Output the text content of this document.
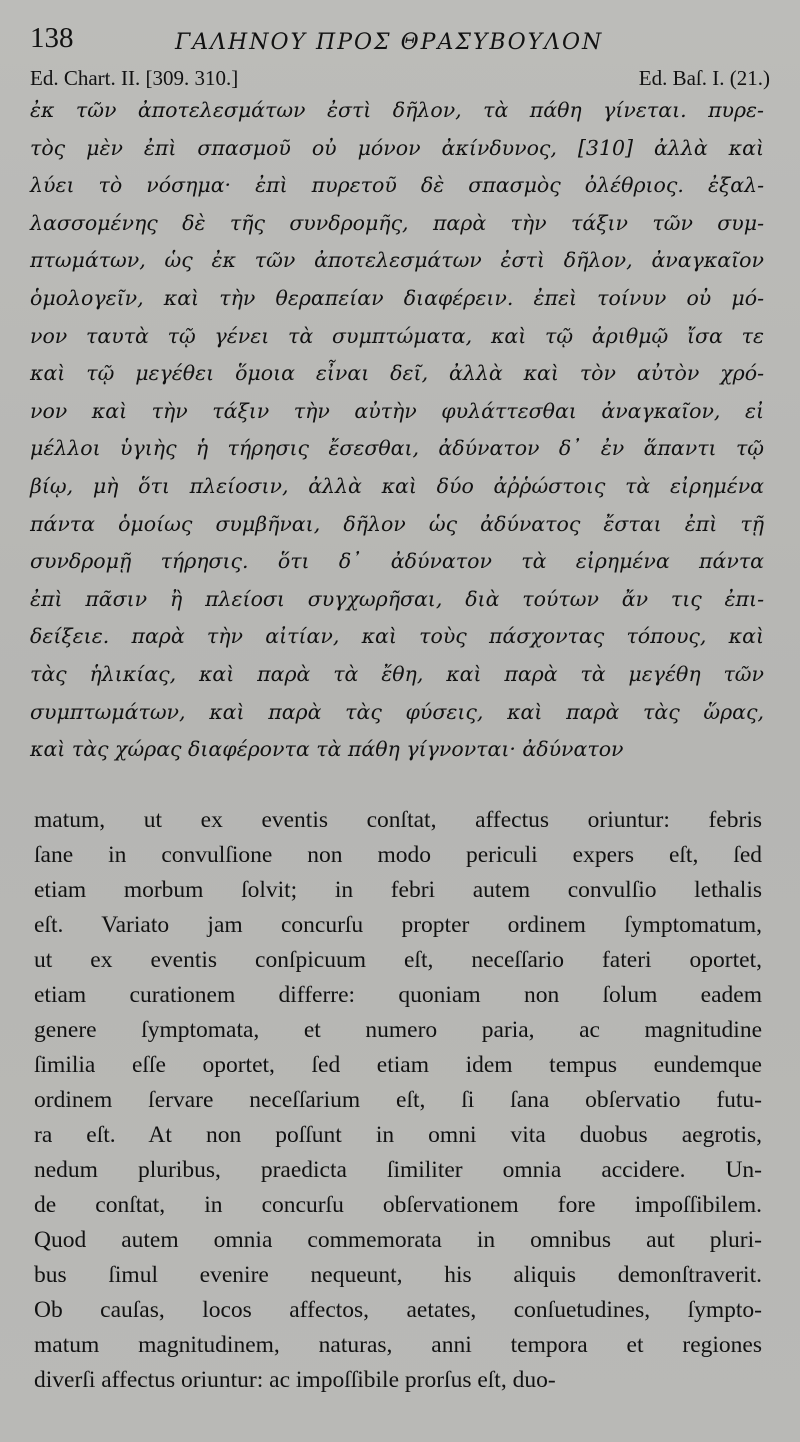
138	ΓΑΛΗΝΟΥ ΠΡΟΣ ΘΡΑΣΥΒΟΥΛΟΝ
Ed. Chart. II. [309. 310.]	Ed. Baſ. I. (21.)
ἐκ τῶν ἀποτελεσμάτων ἐστὶ δῆλον, τὰ πάθη γίνεται. πυρε-
τὸς μὲν ἐπὶ σπασμοῦ οὐ μόνον ἀκίνδυνος, [310] ἀλλὰ καὶ
λύει τὸ νόσημα· ἐπὶ πυρετοῦ δὲ σπασμὸς ὀλέθριος. ἐξαλ-
λασσομένης δὲ τῆς συνδρομῆς, παρὰ τὴν τάξιν τῶν συμ-
πτωμάτων, ὡς ἐκ τῶν ἀποτελεσμάτων ἐστὶ δῆλον, ἀναγκαῖον
ὁμολογεῖν, καὶ τὴν θεραπείαν διαφέρειν. ἐπεὶ τοίνυν οὐ μό-
νον ταυτὰ τῷ γένει τὰ συμπτώματα, καὶ τῷ ἀριθμῷ ἴσα τε
καὶ τῷ μεγέθει ὅμοια εἶναι δεῖ, ἀλλὰ καὶ τὸν αὐτὸν χρό-
νον καὶ τὴν τάξιν τὴν αὐτὴν φυλάττεσθαι ἀναγκαῖον, εἰ
μέλλοι ὑγιὴς ἡ τήρησις ἔσεσθαι, ἀδύνατον δ᾽ ἐν ἅπαντι τῷ
βίῳ, μὴ ὅτι πλείοσιν, ἀλλὰ καὶ δύο ἀῤῥώστοις τὰ εἰρημένα
πάντα ὁμοίως συμβῆναι, δῆλον ὡς ἀδύνατος ἔσται ἐπὶ τῇ
συνδρομῇ τήρησις. ὅτι δ᾽ ἀδύνατον τὰ εἰρημένα πάντα
ἐπὶ πᾶσιν ἢ πλείοσι συγχωρῆσαι, διὰ τούτων ἄν τις ἐπι-
δείξειε. παρὰ τὴν αἰτίαν, καὶ τοὺς πάσχοντας τόπους, καὶ
τὰς ἡλικίας, καὶ παρὰ τὰ ἔθη, καὶ παρὰ τὰ μεγέθη τῶν
συμπτωμάτων, καὶ παρὰ τὰς φύσεις, καὶ παρὰ τὰς ὥρας,
καὶ τὰς χώρας διαφέροντα τὰ πάθη γίγνονται· ἀδύνατον
matum, ut ex eventis conſtat, affectus oriuntur: febris
ſane in convulſione non modo periculi expers eſt, ſed
etiam morbum ſolvit; in febri autem convulſio lethalis
eſt. Variato jam concurſu propter ordinem ſymptomatum,
ut ex eventis conſpicuum eſt, neceſſario fateri oportet,
etiam curationem differre: quoniam non ſolum eadem
genere ſymptomata, et numero paria, ac magnitudine
ſimilia eſſe oportet, ſed etiam idem tempus eundemque
ordinem ſervare neceſſarium eſt, ſi ſana obſervatio futu-
ra eſt. At non poſſunt in omni vita duobus aegrotis,
nedum pluribus, praedicta ſimiliter omnia accidere. Un-
de conſtat, in concurſu obſervationem fore impoſſibilem.
Quod autem omnia commemorata in omnibus aut pluri-
bus ſimul evenire nequeunt, his aliquis demonſtraverit.
Ob cauſas, locos affectos, aetates, conſuetudines, ſympto-
matum magnitudinem, naturas, anni tempora et regiones
diverſi affectus oriuntur: ac impoſſibile prorſus eſt, duo-
